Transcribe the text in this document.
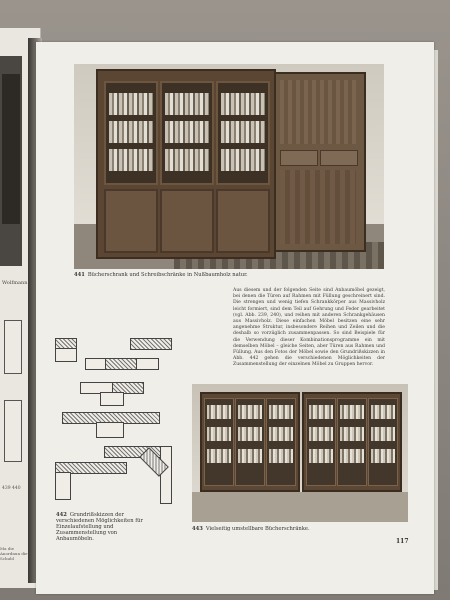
Wolfmann
439 440
Ma die Anordnun die Schubl
441 Bücherschrank und Schreibschränke in Nußbaumholz natur.
Aus diesem und der folgenden Seite sind Anbaumöbel gezeigt, bei denen die Türen auf Rahmen mit Füllung geschreinert sind. Die strengen und wenig tiefen Schrankkörper aus Massivholz leicht formiert, sind dem Teil auf Gehrung und Feder gearbeitet (vgl. Abb. 239, 240), und reihen mit anderen Schrankgehäusen aus Massivholz. Diese einfachen Möbel besitzen eine sehr angenehme Struktur, insbesondere Reihen und Zeilen und die deshalb so vorzüglich zusammenpassen. So sind Beispiele für die Verwendung dieser Kombinationsprogramme ein mit demselben Möbel – gleiche Seiten, aber Türen aus Rahmen und Füllung. Aus den Fotos der Möbel sowie den Grundrißskizzen in Abb. 442 gehen die verschiedenen Möglichkeiten der Zusammenstellung der einzelnen Möbel zu Gruppen hervor.
442 Grundrißskizzen der verschiedenen Möglichkeiten für Einzelaufstellung und Zusammenstellung von Anbaumöbeln.
443 Vielseitig umstellbare Bücherschränke.
117
